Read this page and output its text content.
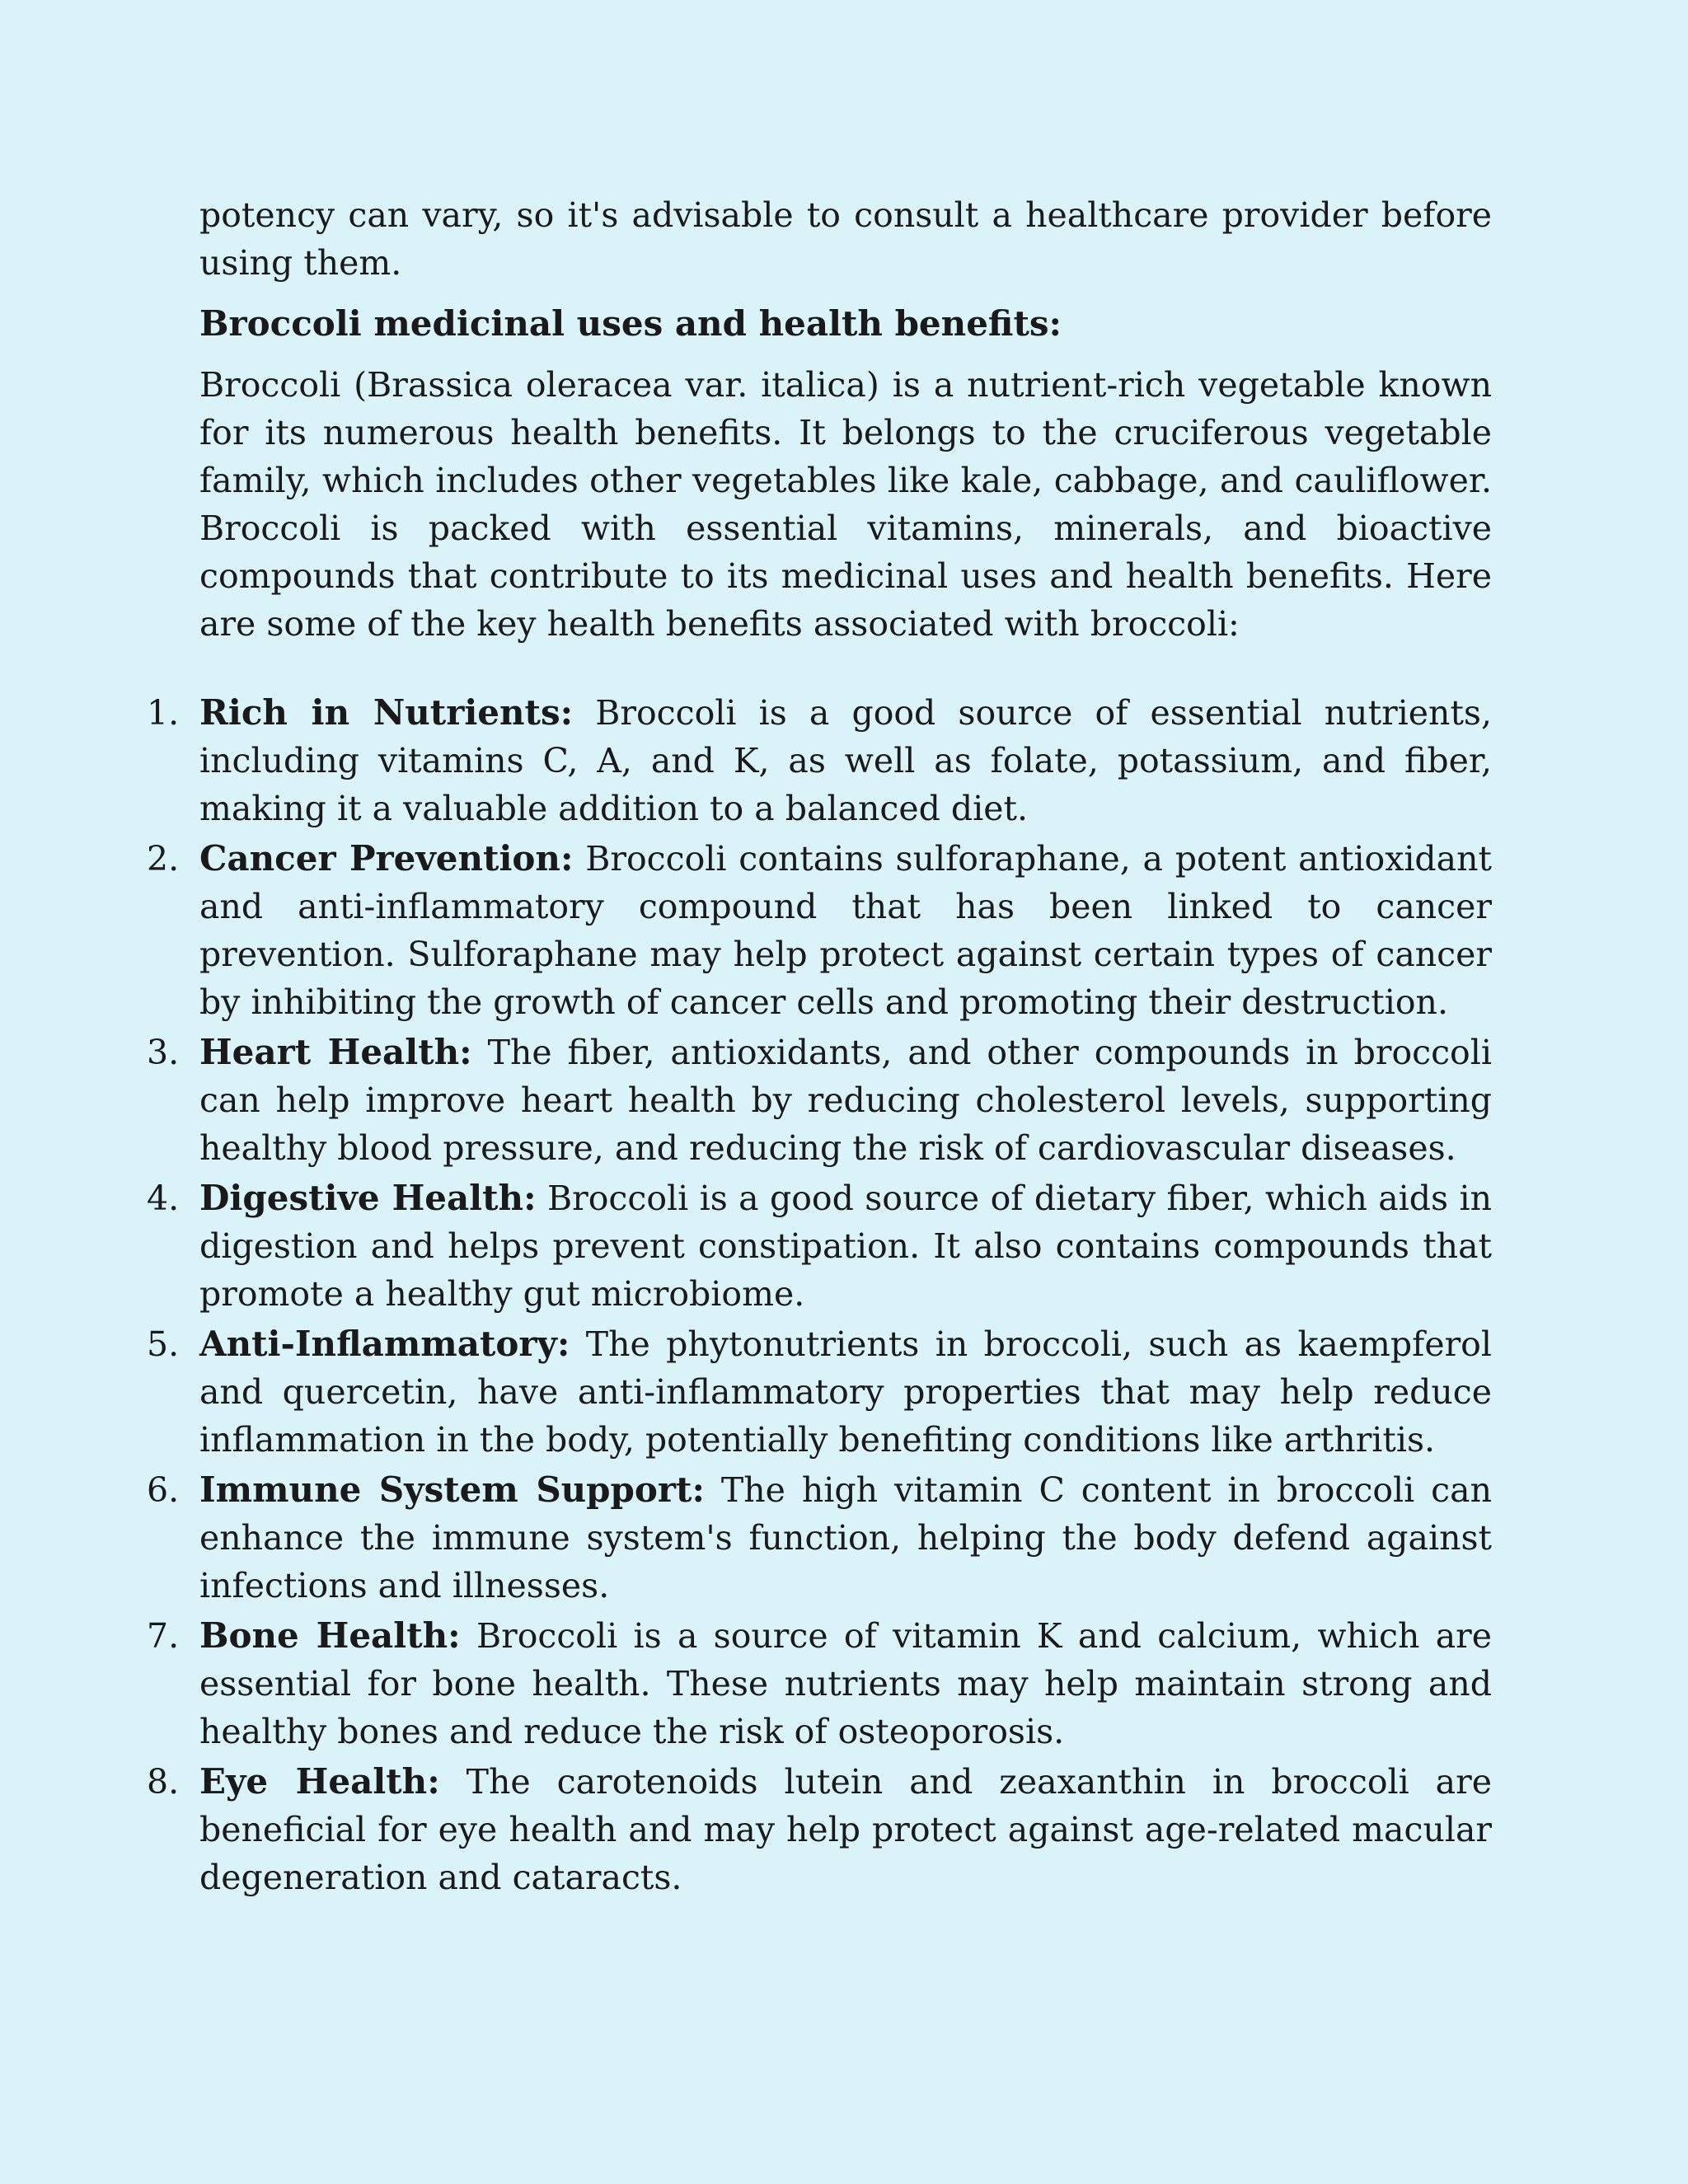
potency can vary, so it's advisable to consult a healthcare provider before using them.

Broccoli medicinal uses and health benefits:

Broccoli (Brassica oleracea var. italica) is a nutrient-rich vegetable known for its numerous health benefits. It belongs to the cruciferous vegetable family, which includes other vegetables like kale, cabbage, and cauliflower. Broccoli is packed with essential vitamins, minerals, and bioactive compounds that contribute to its medicinal uses and health benefits. Here are some of the key health benefits associated with broccoli:

1. Rich in Nutrients: Broccoli is a good source of essential nutrients, including vitamins C, A, and K, as well as folate, potassium, and fiber, making it a valuable addition to a balanced diet.
2. Cancer Prevention: Broccoli contains sulforaphane, a potent antioxidant and anti-inflammatory compound that has been linked to cancer prevention. Sulforaphane may help protect against certain types of cancer by inhibiting the growth of cancer cells and promoting their destruction.
3. Heart Health: The fiber, antioxidants, and other compounds in broccoli can help improve heart health by reducing cholesterol levels, supporting healthy blood pressure, and reducing the risk of cardiovascular diseases.
4. Digestive Health: Broccoli is a good source of dietary fiber, which aids in digestion and helps prevent constipation. It also contains compounds that promote a healthy gut microbiome.
5. Anti-Inflammatory: The phytonutrients in broccoli, such as kaempferol and quercetin, have anti-inflammatory properties that may help reduce inflammation in the body, potentially benefiting conditions like arthritis.
6. Immune System Support: The high vitamin C content in broccoli can enhance the immune system's function, helping the body defend against infections and illnesses.
7. Bone Health: Broccoli is a source of vitamin K and calcium, which are essential for bone health. These nutrients may help maintain strong and healthy bones and reduce the risk of osteoporosis.
8. Eye Health: The carotenoids lutein and zeaxanthin in broccoli are beneficial for eye health and may help protect against age-related macular degeneration and cataracts.
